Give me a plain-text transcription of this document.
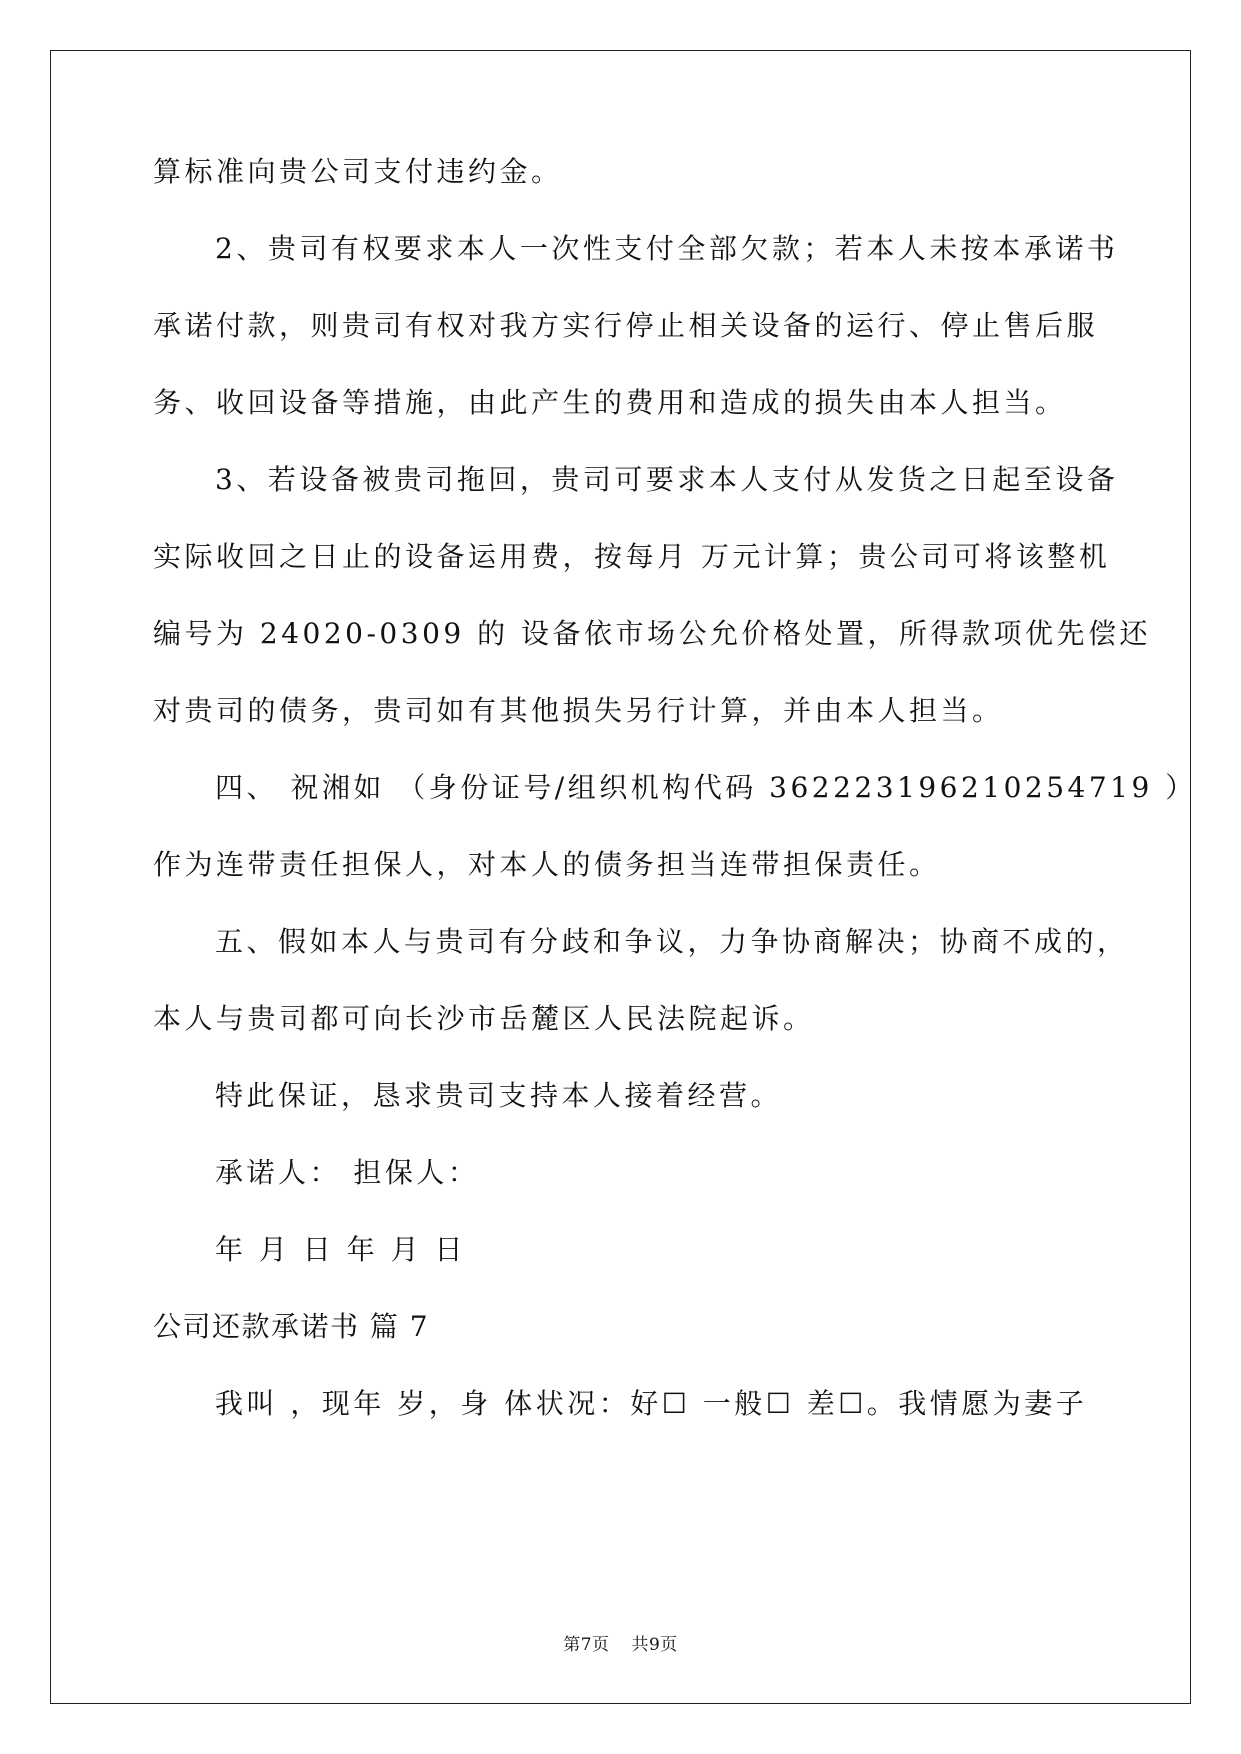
算标准向贵公司支付违约金。
2、贵司有权要求本人一次性支付全部欠款；若本人未按本承诺书
承诺付款，则贵司有权对我方实行停止相关设备的运行、停止售后服
务、收回设备等措施，由此产生的费用和造成的损失由本人担当。
3、若设备被贵司拖回，贵司可要求本人支付从发货之日起至设备
实际收回之日止的设备运用费，按每月 万元计算；贵公司可将该整机
编号为 24020-0309 的 设备依市场公允价格处置，所得款项优先偿还
对贵司的债务，贵司如有其他损失另行计算，并由本人担当。
四、 祝湘如 （身份证号/组织机构代码 362223196210254719 ）
作为连带责任担保人，对本人的债务担当连带担保责任。
五、假如本人与贵司有分歧和争议，力争协商解决；协商不成的，
本人与贵司都可向长沙市岳麓区人民法院起诉。
特此保证，恳求贵司支持本人接着经营。
承诺人： 担保人：
年 月 日 年 月 日
公司还款承诺书 篇 7
我叫 ，现年 岁，身 体状况：好☐ 一般☐ 差☐。我情愿为妻子
第7页 共9页
